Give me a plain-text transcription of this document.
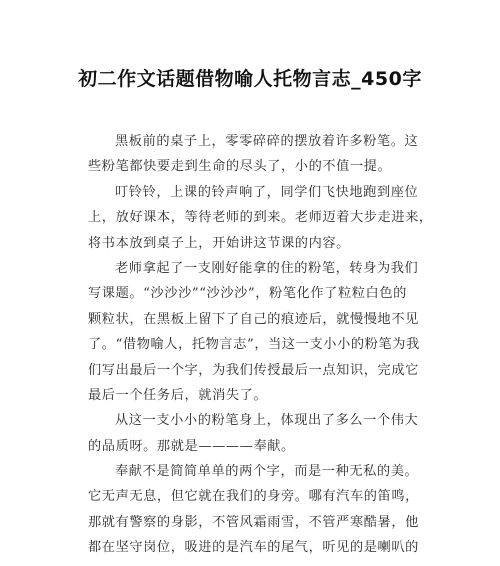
初二作文话题借物喻人托物言志_450字
黑板前的桌子上，零零碎碎的摆放着许多粉笔。这
些粉笔都快要走到生命的尽头了，小的不值一提。
叮铃铃，上课的铃声响了，同学们飞快地跑到座位
上，放好课本，等待老师的到来。老师迈着大步走进来，
将书本放到桌子上，开始讲这节课的内容。
老师拿起了一支刚好能拿的住的粉笔，转身为我们
写课题。“沙沙沙”“沙沙沙”，粉笔化作了粒粒白色的
颗粒状，在黑板上留下了自己的痕迹后，就慢慢地不见
了。“借物喻人，托物言志”，当这一支小小的粉笔为我
们写出最后一个字，为我们传授最后一点知识，完成它
最后一个任务后，就消失了。
从这一支小小的粉笔身上，体现出了多么一个伟大
的品质呀。那就是————奉献。
奉献不是简简单单的两个字，而是一种无私的美。
它无声无息，但它就在我们的身旁。哪有汽车的笛鸣，
那就有警察的身影，不管风霜雨雪，不管严寒酷暑，他
都在坚守岗位，吸进的是汽车的尾气，听见的是喇叭的
